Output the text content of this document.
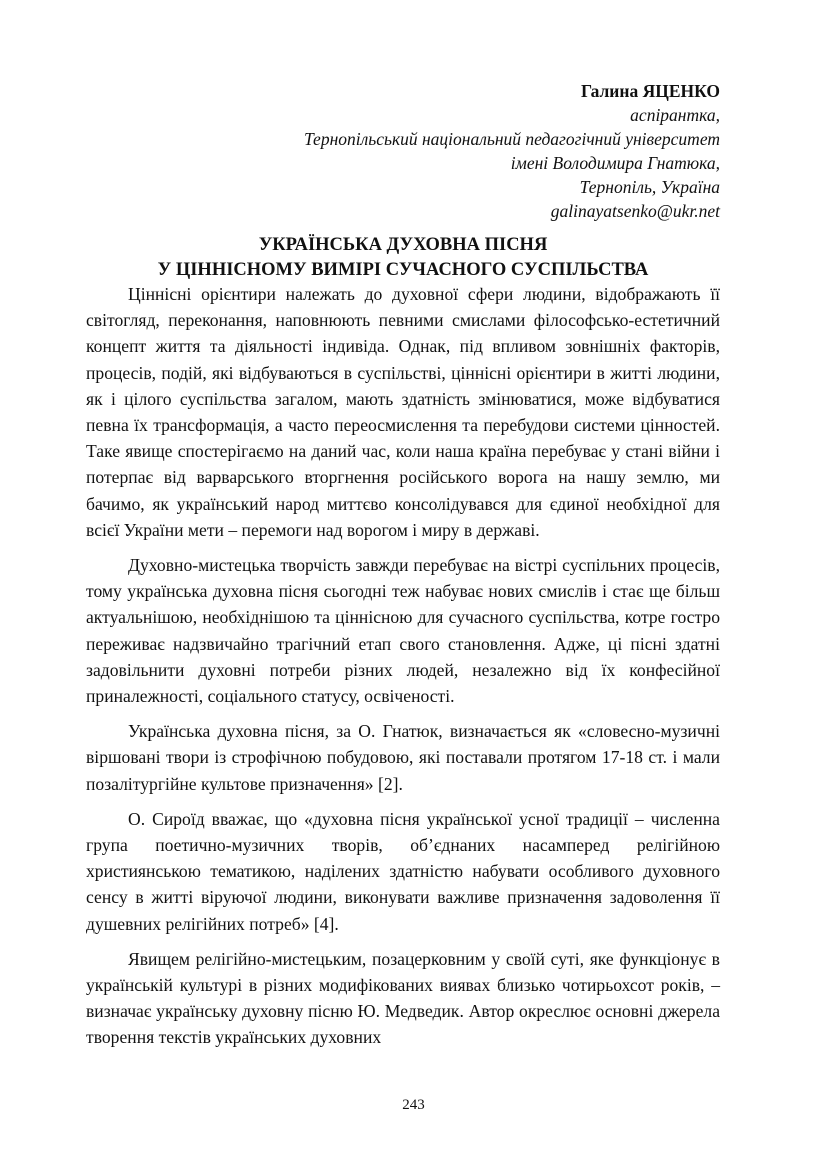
Галина ЯЦЕНКО
аспірантка,
Тернопільський національний педагогічний університет
імені Володимира Гнатюка,
Тернопіль, Україна
galinayatsenko@ukr.net
УКРАЇНСЬКА ДУХОВНА ПІСНЯ
У ЦІННІСНОМУ ВИМІРІ СУЧАСНОГО СУСПІЛЬСТВА

Ціннісні орієнтири належать до духовної сфери людини, відображають її світогляд, переконання, наповнюють певними смислами філософсько-естетичний концепт життя та діяльності індивіда. Однак, під впливом зовнішніх факторів, процесів, подій, які відбуваються в суспільстві, ціннісні орієнтири в житті людини, як і цілого суспільства загалом, мають здатність змінюватися, може відбуватися певна їх трансформація, а часто переосмислення та перебудови системи цінностей. Таке явище спостерігаємо на даний час, коли наша країна перебуває у стані війни і потерпає від варварського вторгнення російського ворога на нашу землю, ми бачимо, як український народ миттєво консолідувався для єдиної необхідної для всієї України мети – перемоги над ворогом і миру в державі.

Духовно-мистецька творчість завжди перебуває на вістрі суспільних процесів, тому українська духовна пісня сьогодні теж набуває нових смислів і стає ще більш актуальнішою, необхіднішою та ціннісною для сучасного суспільства, котре гостро переживає надзвичайно трагічний етап свого становлення. Адже, ці пісні здатні задовільнити духовні потреби різних людей, незалежно від їх конфесійної приналежності, соціального статусу, освіченості.

Українська духовна пісня, за О. Гнатюк, визначається як «словесно-музичні віршовані твори із строфічною побудовою, які поставали протягом 17-18 ст. і мали позалітургійне культове призначення» [2].

О. Сироїд вважає, що «духовна пісня української усної традиції – численна група поетично-музичних творів, об’єднаних насамперед релігійною християнською тематикою, наділених здатністю набувати особливого духовного сенсу в житті віруючої людини, виконувати важливе призначення задоволення її душевних релігійних потреб» [4].

Явищем релігійно-мистецьким, позацерковним у своїй суті, яке функціонує в українській культурі в різних модифікованих виявах близько чотирьохсот років, – визначає українську духовну пісню Ю. Медведик. Автор окреслює основні джерела творення текстів українських духовних

243
